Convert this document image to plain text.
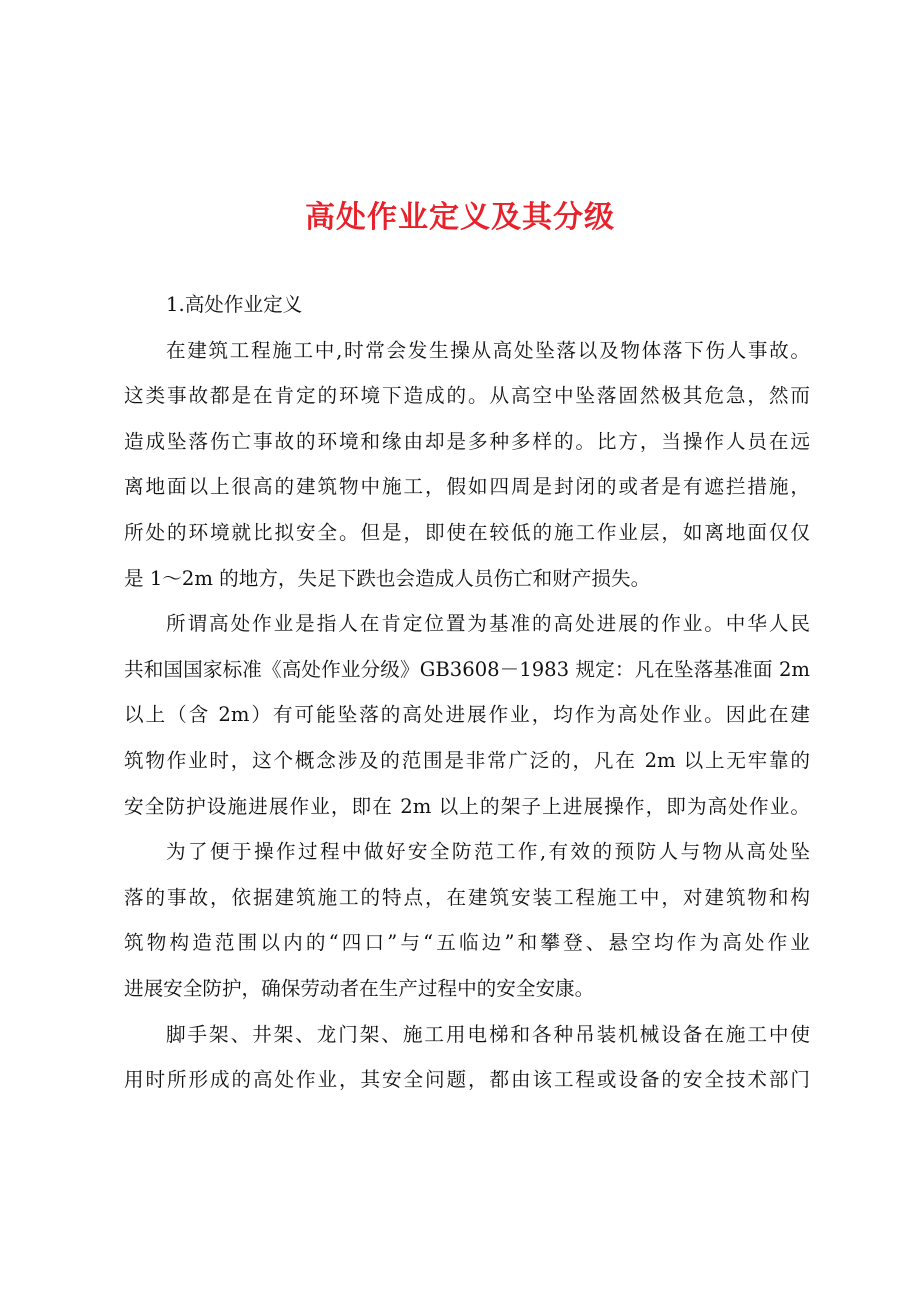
高处作业定义及其分级
1.高处作业定义
在建筑工程施工中,时常会发生操从高处坠落以及物体落下伤人事故。
这类事故都是在肯定的环境下造成的。从高空中坠落固然极其危急，然而
造成坠落伤亡事故的环境和缘由却是多种多样的。比方，当操作人员在远
离地面以上很高的建筑物中施工，假如四周是封闭的或者是有遮拦措施，
所处的环境就比拟安全。但是，即使在较低的施工作业层，如离地面仅仅
是 1～2m 的地方，失足下跌也会造成人员伤亡和财产损失。
所谓高处作业是指人在肯定位置为基准的高处进展的作业。中华人民
共和国国家标准《高处作业分级》GB3608－1983 规定：凡在坠落基准面 2m
以上（含 2m）有可能坠落的高处进展作业，均作为高处作业。因此在建
筑物作业时，这个概念涉及的范围是非常广泛的，凡在 2m 以上无牢靠的
安全防护设施进展作业，即在 2m 以上的架子上进展操作，即为高处作业。
为了便于操作过程中做好安全防范工作,有效的预防人与物从高处坠
落的事故，依据建筑施工的特点，在建筑安装工程施工中，对建筑物和构
筑物构造范围以内的“四口”与“五临边”和攀登、悬空均作为高处作业
进展安全防护，确保劳动者在生产过程中的安全安康。
脚手架、井架、龙门架、施工用电梯和各种吊装机械设备在施工中使
用时所形成的高处作业，其安全问题，都由该工程或设备的安全技术部门
